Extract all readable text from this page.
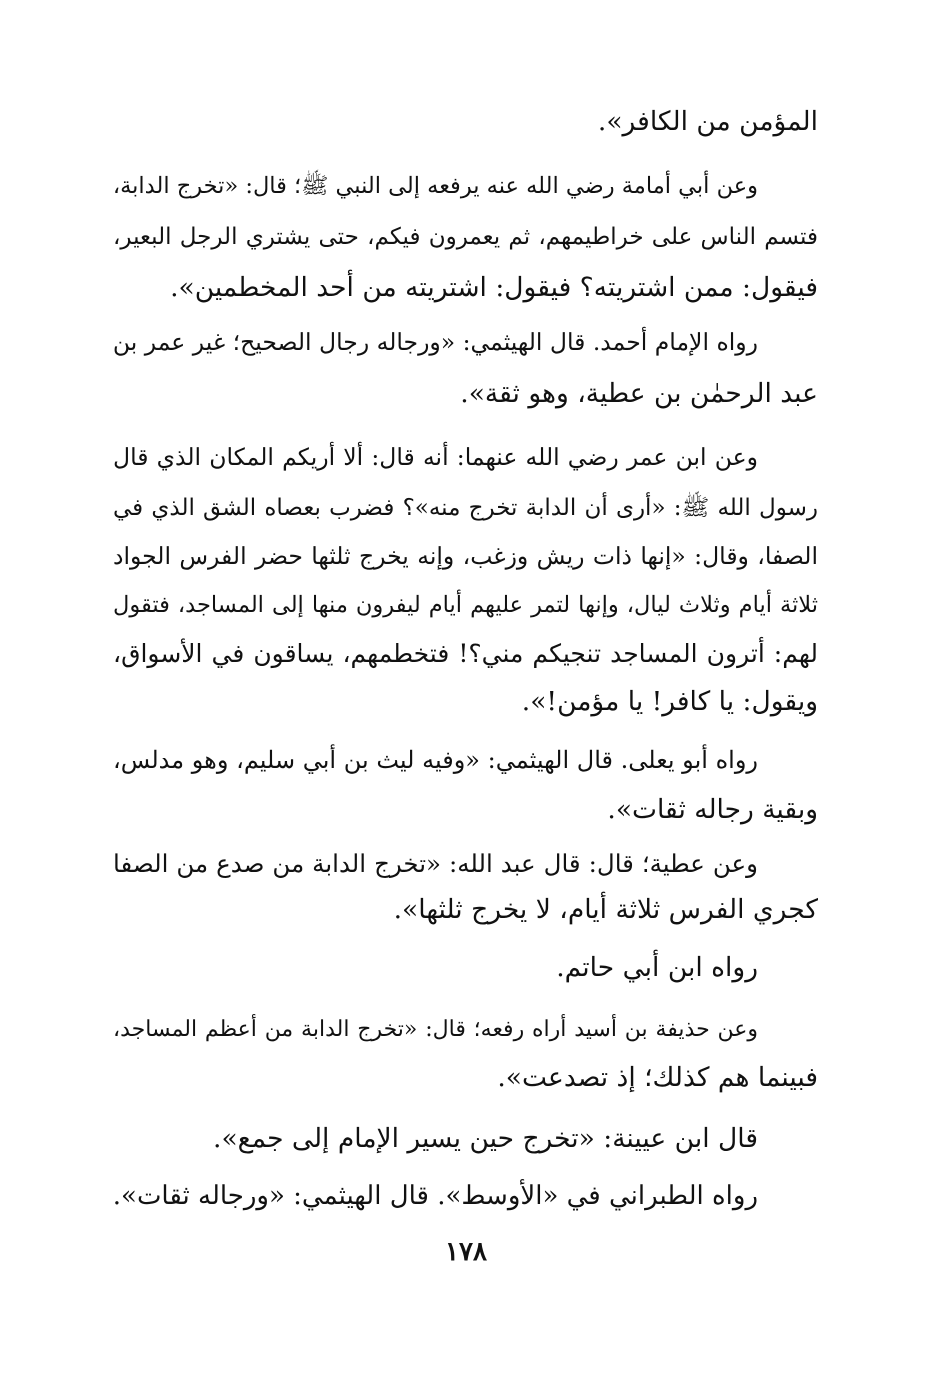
المؤمن من الكافر».
وعن أبي أمامة رضي الله عنه يرفعه إلى النبي ﷺ؛ قال: «تخرج الدابة،
فتسم الناس على خراطيمهم، ثم يعمرون فيكم، حتى يشتري الرجل البعير،
فيقول: ممن اشتريته؟ فيقول: اشتريته من أحد المخطمين».
رواه الإمام أحمد. قال الهيثمي: «ورجاله رجال الصحيح؛ غير عمر بن
عبد الرحمٰن بن عطية، وهو ثقة».
وعن ابن عمر رضي الله عنهما: أنه قال: ألا أريكم المكان الذي قال
رسول الله ﷺ: «أرى أن الدابة تخرج منه»؟ فضرب بعصاه الشق الذي في
الصفا، وقال: «إنها ذات ريش وزغب، وإنه يخرج ثلثها حضر الفرس الجواد
ثلاثة أيام وثلاث ليال، وإنها لتمر عليهم أيام ليفرون منها إلى المساجد، فتقول
لهم: أترون المساجد تنجيكم مني؟! فتخطمهم، يساقون في الأسواق،
ويقول: يا كافر! يا مؤمن!».
رواه أبو يعلى. قال الهيثمي: «وفيه ليث بن أبي سليم، وهو مدلس،
وبقية رجاله ثقات».
وعن عطية؛ قال: قال عبد الله: «تخرج الدابة من صدع من الصفا
كجري الفرس ثلاثة أيام، لا يخرج ثلثها».
رواه ابن أبي حاتم.
وعن حذيفة بن أسيد أراه رفعه؛ قال: «تخرج الدابة من أعظم المساجد،
فبينما هم كذلك؛ إذ تصدعت».
قال ابن عيينة: «تخرج حين يسير الإمام إلى جمع».
رواه الطبراني في «الأوسط». قال الهيثمي: «ورجاله ثقات».
١٧٨
